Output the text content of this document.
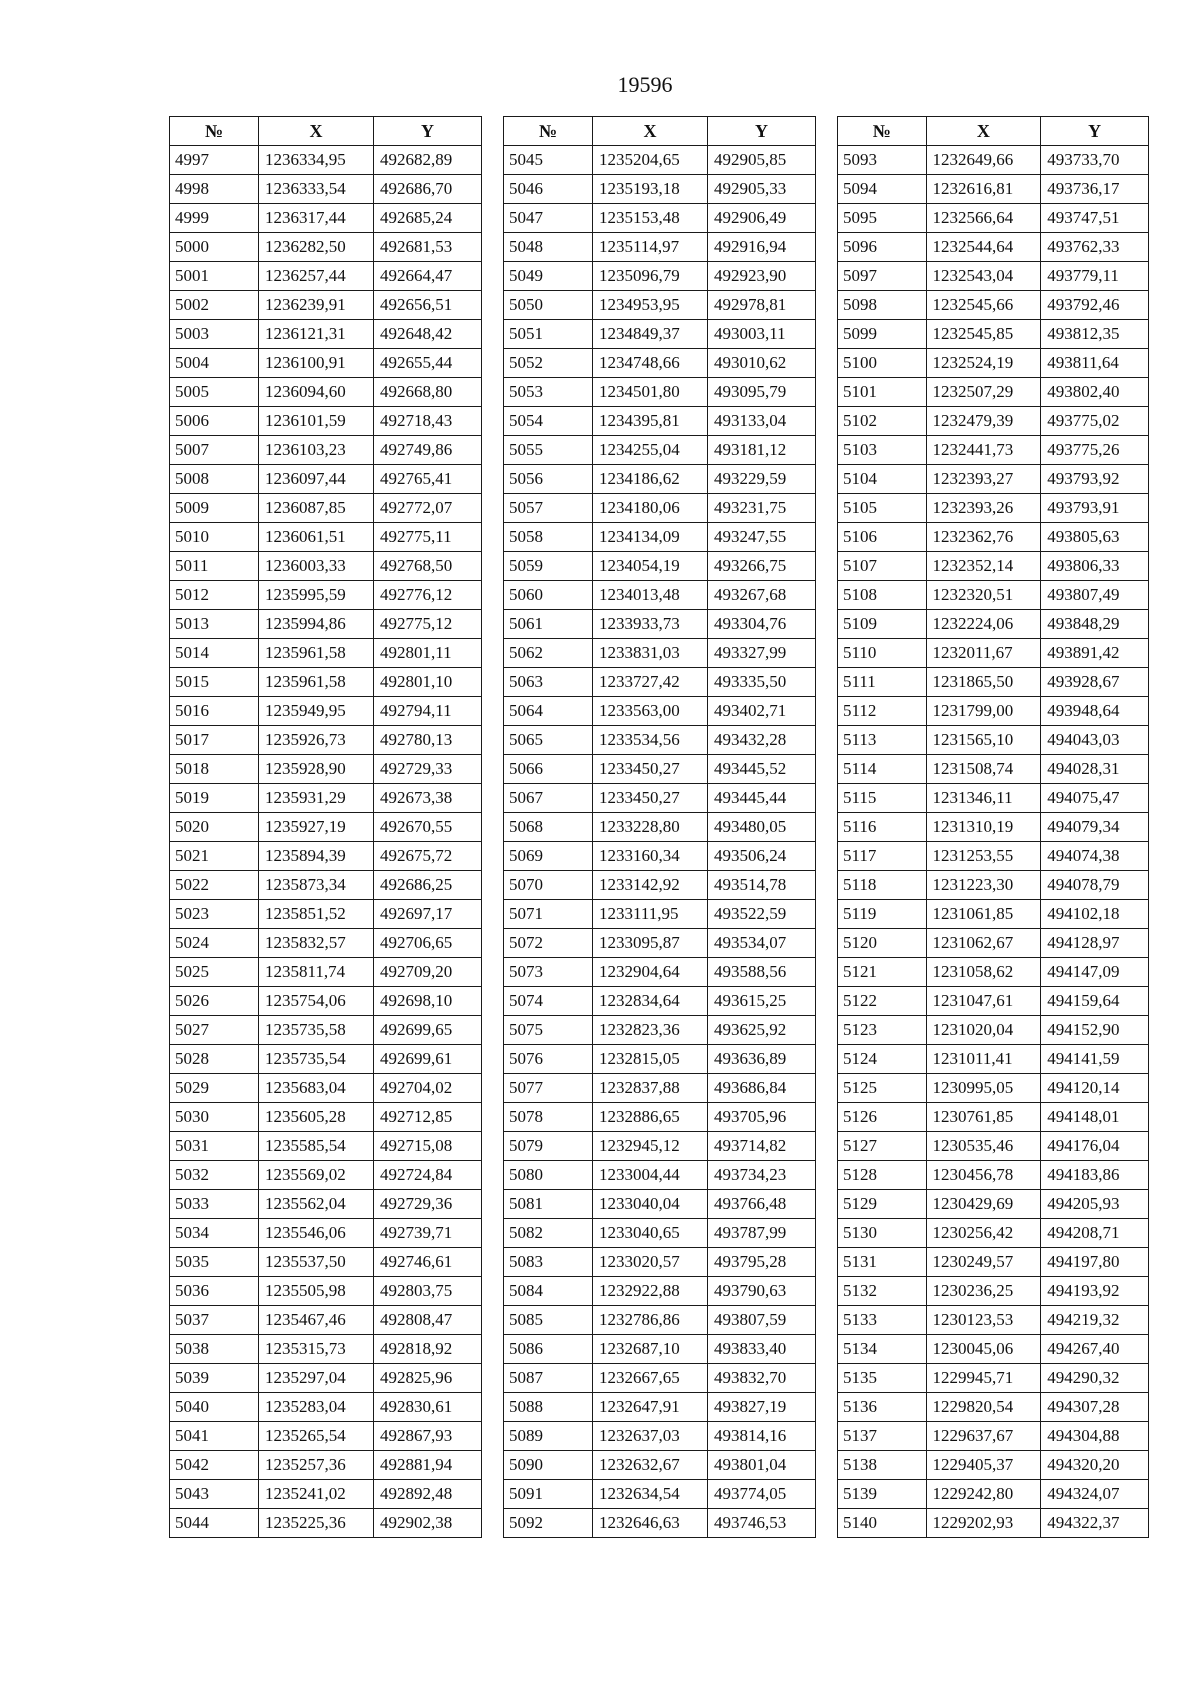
19596
№	X	Y
4997	1236334,95	492682,89
4998	1236333,54	492686,70
4999	1236317,44	492685,24
5000	1236282,50	492681,53
5001	1236257,44	492664,47
5002	1236239,91	492656,51
5003	1236121,31	492648,42
5004	1236100,91	492655,44
5005	1236094,60	492668,80
5006	1236101,59	492718,43
5007	1236103,23	492749,86
5008	1236097,44	492765,41
5009	1236087,85	492772,07
5010	1236061,51	492775,11
5011	1236003,33	492768,50
5012	1235995,59	492776,12
5013	1235994,86	492775,12
5014	1235961,58	492801,11
5015	1235961,58	492801,10
5016	1235949,95	492794,11
5017	1235926,73	492780,13
5018	1235928,90	492729,33
5019	1235931,29	492673,38
5020	1235927,19	492670,55
5021	1235894,39	492675,72
5022	1235873,34	492686,25
5023	1235851,52	492697,17
5024	1235832,57	492706,65
5025	1235811,74	492709,20
5026	1235754,06	492698,10
5027	1235735,58	492699,65
5028	1235735,54	492699,61
5029	1235683,04	492704,02
5030	1235605,28	492712,85
5031	1235585,54	492715,08
5032	1235569,02	492724,84
5033	1235562,04	492729,36
5034	1235546,06	492739,71
5035	1235537,50	492746,61
5036	1235505,98	492803,75
5037	1235467,46	492808,47
5038	1235315,73	492818,92
5039	1235297,04	492825,96
5040	1235283,04	492830,61
5041	1235265,54	492867,93
5042	1235257,36	492881,94
5043	1235241,02	492892,48
5044	1235225,36	492902,38
№	X	Y
5045	1235204,65	492905,85
5046	1235193,18	492905,33
5047	1235153,48	492906,49
5048	1235114,97	492916,94
5049	1235096,79	492923,90
5050	1234953,95	492978,81
5051	1234849,37	493003,11
5052	1234748,66	493010,62
5053	1234501,80	493095,79
5054	1234395,81	493133,04
5055	1234255,04	493181,12
5056	1234186,62	493229,59
5057	1234180,06	493231,75
5058	1234134,09	493247,55
5059	1234054,19	493266,75
5060	1234013,48	493267,68
5061	1233933,73	493304,76
5062	1233831,03	493327,99
5063	1233727,42	493335,50
5064	1233563,00	493402,71
5065	1233534,56	493432,28
5066	1233450,27	493445,52
5067	1233450,27	493445,44
5068	1233228,80	493480,05
5069	1233160,34	493506,24
5070	1233142,92	493514,78
5071	1233111,95	493522,59
5072	1233095,87	493534,07
5073	1232904,64	493588,56
5074	1232834,64	493615,25
5075	1232823,36	493625,92
5076	1232815,05	493636,89
5077	1232837,88	493686,84
5078	1232886,65	493705,96
5079	1232945,12	493714,82
5080	1233004,44	493734,23
5081	1233040,04	493766,48
5082	1233040,65	493787,99
5083	1233020,57	493795,28
5084	1232922,88	493790,63
5085	1232786,86	493807,59
5086	1232687,10	493833,40
5087	1232667,65	493832,70
5088	1232647,91	493827,19
5089	1232637,03	493814,16
5090	1232632,67	493801,04
5091	1232634,54	493774,05
5092	1232646,63	493746,53
№	X	Y
5093	1232649,66	493733,70
5094	1232616,81	493736,17
5095	1232566,64	493747,51
5096	1232544,64	493762,33
5097	1232543,04	493779,11
5098	1232545,66	493792,46
5099	1232545,85	493812,35
5100	1232524,19	493811,64
5101	1232507,29	493802,40
5102	1232479,39	493775,02
5103	1232441,73	493775,26
5104	1232393,27	493793,92
5105	1232393,26	493793,91
5106	1232362,76	493805,63
5107	1232352,14	493806,33
5108	1232320,51	493807,49
5109	1232224,06	493848,29
5110	1232011,67	493891,42
5111	1231865,50	493928,67
5112	1231799,00	493948,64
5113	1231565,10	494043,03
5114	1231508,74	494028,31
5115	1231346,11	494075,47
5116	1231310,19	494079,34
5117	1231253,55	494074,38
5118	1231223,30	494078,79
5119	1231061,85	494102,18
5120	1231062,67	494128,97
5121	1231058,62	494147,09
5122	1231047,61	494159,64
5123	1231020,04	494152,90
5124	1231011,41	494141,59
5125	1230995,05	494120,14
5126	1230761,85	494148,01
5127	1230535,46	494176,04
5128	1230456,78	494183,86
5129	1230429,69	494205,93
5130	1230256,42	494208,71
5131	1230249,57	494197,80
5132	1230236,25	494193,92
5133	1230123,53	494219,32
5134	1230045,06	494267,40
5135	1229945,71	494290,32
5136	1229820,54	494307,28
5137	1229637,67	494304,88
5138	1229405,37	494320,20
5139	1229242,80	494324,07
5140	1229202,93	494322,37
